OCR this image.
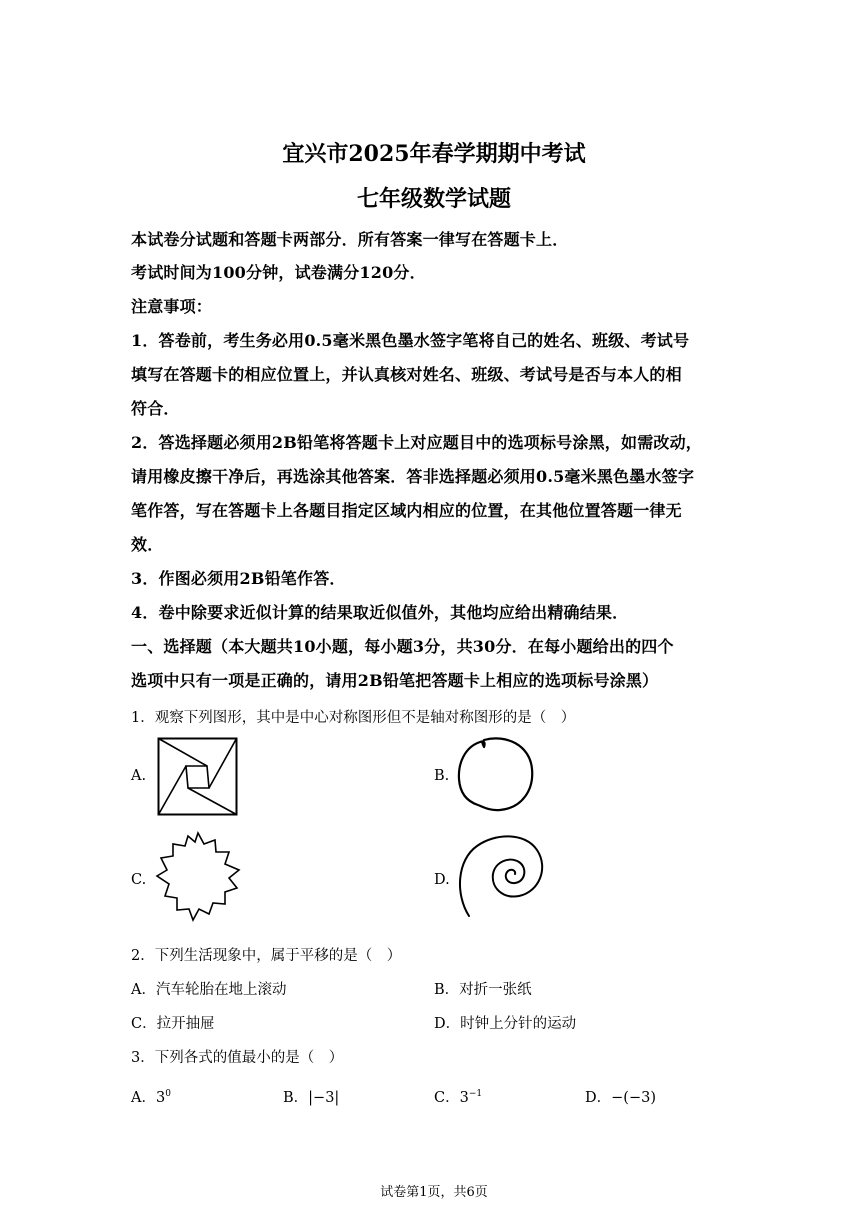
宜兴市2025年春学期期中考试
七年级数学试题
本试卷分试题和答题卡两部分．所有答案一律写在答题卡上．
考试时间为100分钟，试卷满分120分．
注意事项：
1．答卷前，考生务必用0.5毫米黑色墨水签字笔将自己的姓名、班级、考试号
填写在答题卡的相应位置上，并认真核对姓名、班级、考试号是否与本人的相
符合．
2．答选择题必须用2B铅笔将答题卡上对应题目中的选项标号涂黑，如需改动，
请用橡皮擦干净后，再选涂其他答案．答非选择题必须用0.5毫米黑色墨水签字
笔作答，写在答题卡上各题目指定区域内相应的位置，在其他位置答题一律无
效．
3．作图必须用2B铅笔作答．
4．卷中除要求近似计算的结果取近似值外，其他均应给出精确结果．
一、选择题（本大题共10小题，每小题3分，共30分．在每小题给出的四个
选项中只有一项是正确的，请用2B铅笔把答题卡上相应的选项标号涂黑）
1．观察下列图形，其中是中心对称图形但不是轴对称图形的是（　）
A.	B.
C.	D.
2．下列生活现象中，属于平移的是（　）
A．汽车轮胎在地上滚动	B．对折一张纸
C．拉开抽屉	D．时钟上分针的运动
3．下列各式的值最小的是（　）
A．$3^0$	B．|−3|	C．$3^{-1}$	D．−(−3)
试卷第1页，共6页
